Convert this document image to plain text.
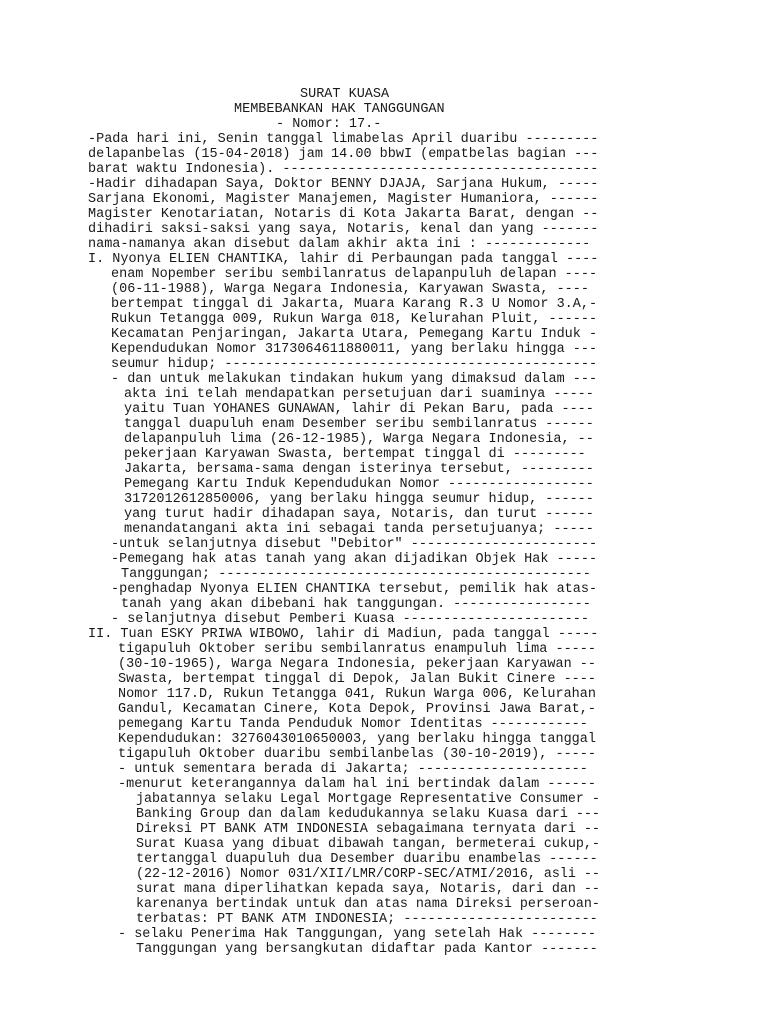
SURAT KUASA
MEMBEBANKAN HAK TANGGUNGAN
- Nomor: 17.-
-Pada hari ini, Senin tanggal limabelas April duaribu ---------
delapanbelas (15-04-2018) jam 14.00 bbwI (empatbelas bagian ---
barat waktu Indonesia). ---------------------------------------
-Hadir dihadapan Saya, Doktor BENNY DJAJA, Sarjana Hukum, -----
Sarjana Ekonomi, Magister Manajemen, Magister Humaniora, ------
Magister Kenotariatan, Notaris di Kota Jakarta Barat, dengan --
dihadiri saksi-saksi yang saya, Notaris, kenal dan yang -------
nama-namanya akan disebut dalam akhir akta ini : -------------
I. Nyonya ELIEN CHANTIKA, lahir di Perbaungan pada tanggal ----
enam Nopember seribu sembilanratus delapanpuluh delapan ----
(06-11-1988), Warga Negara Indonesia, Karyawan Swasta, ----
bertempat tinggal di Jakarta, Muara Karang R.3 U Nomor 3.A,-
Rukun Tetangga 009, Rukun Warga 018, Kelurahan Pluit, ------
Kecamatan Penjaringan, Jakarta Utara, Pemegang Kartu Induk -
Kependudukan Nomor 3173064611880011, yang berlaku hingga ---
seumur hidup; ----------------------------------------------
- dan untuk melakukan tindakan hukum yang dimaksud dalam ---
akta ini telah mendapatkan persetujuan dari suaminya -----
yaitu Tuan YOHANES GUNAWAN, lahir di Pekan Baru, pada ----
tanggal duapuluh enam Desember seribu sembilanratus ------
delapanpuluh lima (26-12-1985), Warga Negara Indonesia, --
pekerjaan Karyawan Swasta, bertempat tinggal di ---------
Jakarta, bersama-sama dengan isterinya tersebut, ---------
Pemegang Kartu Induk Kependudukan Nomor ------------------
3172012612850006, yang berlaku hingga seumur hidup, ------
yang turut hadir dihadapan saya, Notaris, dan turut ------
menandatangani akta ini sebagai tanda persetujuanya; -----
-untuk selanjutnya disebut "Debitor" -----------------------
-Pemegang hak atas tanah yang akan dijadikan Objek Hak -----
Tanggungan; ----------------------------------------------
-penghadap Nyonya ELIEN CHANTIKA tersebut, pemilik hak atas-
tanah yang akan dibebani hak tanggungan. -----------------
- selanjutnya disebut Pemberi Kuasa -----------------------
II. Tuan ESKY PRIWA WIBOWO, lahir di Madiun, pada tanggal -----
tigapuluh Oktober seribu sembilanratus enampuluh lima -----
(30-10-1965), Warga Negara Indonesia, pekerjaan Karyawan --
Swasta, bertempat tinggal di Depok, Jalan Bukit Cinere ----
Nomor 117.D, Rukun Tetangga 041, Rukun Warga 006, Kelurahan
Gandul, Kecamatan Cinere, Kota Depok, Provinsi Jawa Barat,-
pemegang Kartu Tanda Penduduk Nomor Identitas ------------
Kependudukan: 3276043010650003, yang berlaku hingga tanggal
tigapuluh Oktober duaribu sembilanbelas (30-10-2019), -----
- untuk sementara berada di Jakarta; ---------------------
-menurut keterangannya dalam hal ini bertindak dalam ------
jabatannya selaku Legal Mortgage Representative Consumer -
Banking Group dan dalam kedudukannya selaku Kuasa dari ---
Direksi PT BANK ATM INDONESIA sebagaimana ternyata dari --
Surat Kuasa yang dibuat dibawah tangan, bermeterai cukup,-
tertanggal duapuluh dua Desember duaribu enambelas ------
(22-12-2016) Nomor 031/XII/LMR/CORP-SEC/ATMI/2016, asli --
surat mana diperlihatkan kepada saya, Notaris, dari dan --
karenanya bertindak untuk dan atas nama Direksi perseroan-
terbatas: PT BANK ATM INDONESIA; ------------------------
- selaku Penerima Hak Tanggungan, yang setelah Hak --------
Tanggungan yang bersangkutan didaftar pada Kantor -------
